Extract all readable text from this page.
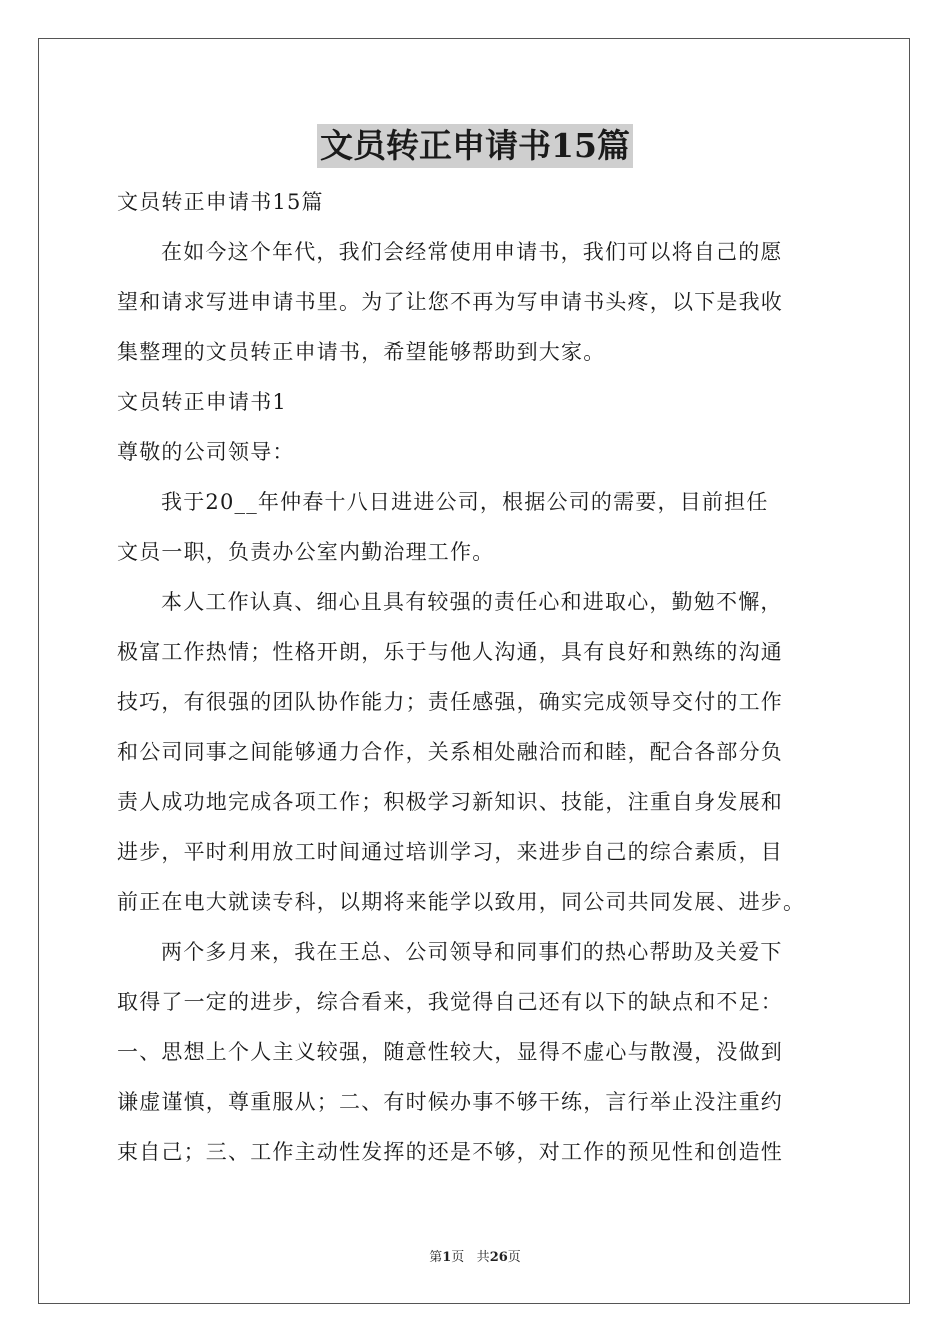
文员转正申请书15篇
文员转正申请书15篇
在如今这个年代，我们会经常使用申请书，我们可以将自己的愿
望和请求写进申请书里。为了让您不再为写申请书头疼，以下是我收
集整理的文员转正申请书，希望能够帮助到大家。
文员转正申请书1
尊敬的公司领导：
我于20__年仲春十八日进进公司，根据公司的需要，目前担任
文员一职，负责办公室内勤治理工作。
本人工作认真、细心且具有较强的责任心和进取心，勤勉不懈，
极富工作热情；性格开朗，乐于与他人沟通，具有良好和熟练的沟通
技巧，有很强的团队协作能力；责任感强，确实完成领导交付的工作
和公司同事之间能够通力合作，关系相处融洽而和睦，配合各部分负
责人成功地完成各项工作；积极学习新知识、技能，注重自身发展和
进步，平时利用放工时间通过培训学习，来进步自己的综合素质，目
前正在电大就读专科，以期将来能学以致用，同公司共同发展、进步。
两个多月来，我在王总、公司领导和同事们的热心帮助及关爱下
取得了一定的进步，综合看来，我觉得自己还有以下的缺点和不足：
一、思想上个人主义较强，随意性较大，显得不虚心与散漫，没做到
谦虚谨慎，尊重服从；二、有时候办事不够干练，言行举止没注重约
束自己；三、工作主动性发挥的还是不够，对工作的预见性和创造性
第1页 共26页
